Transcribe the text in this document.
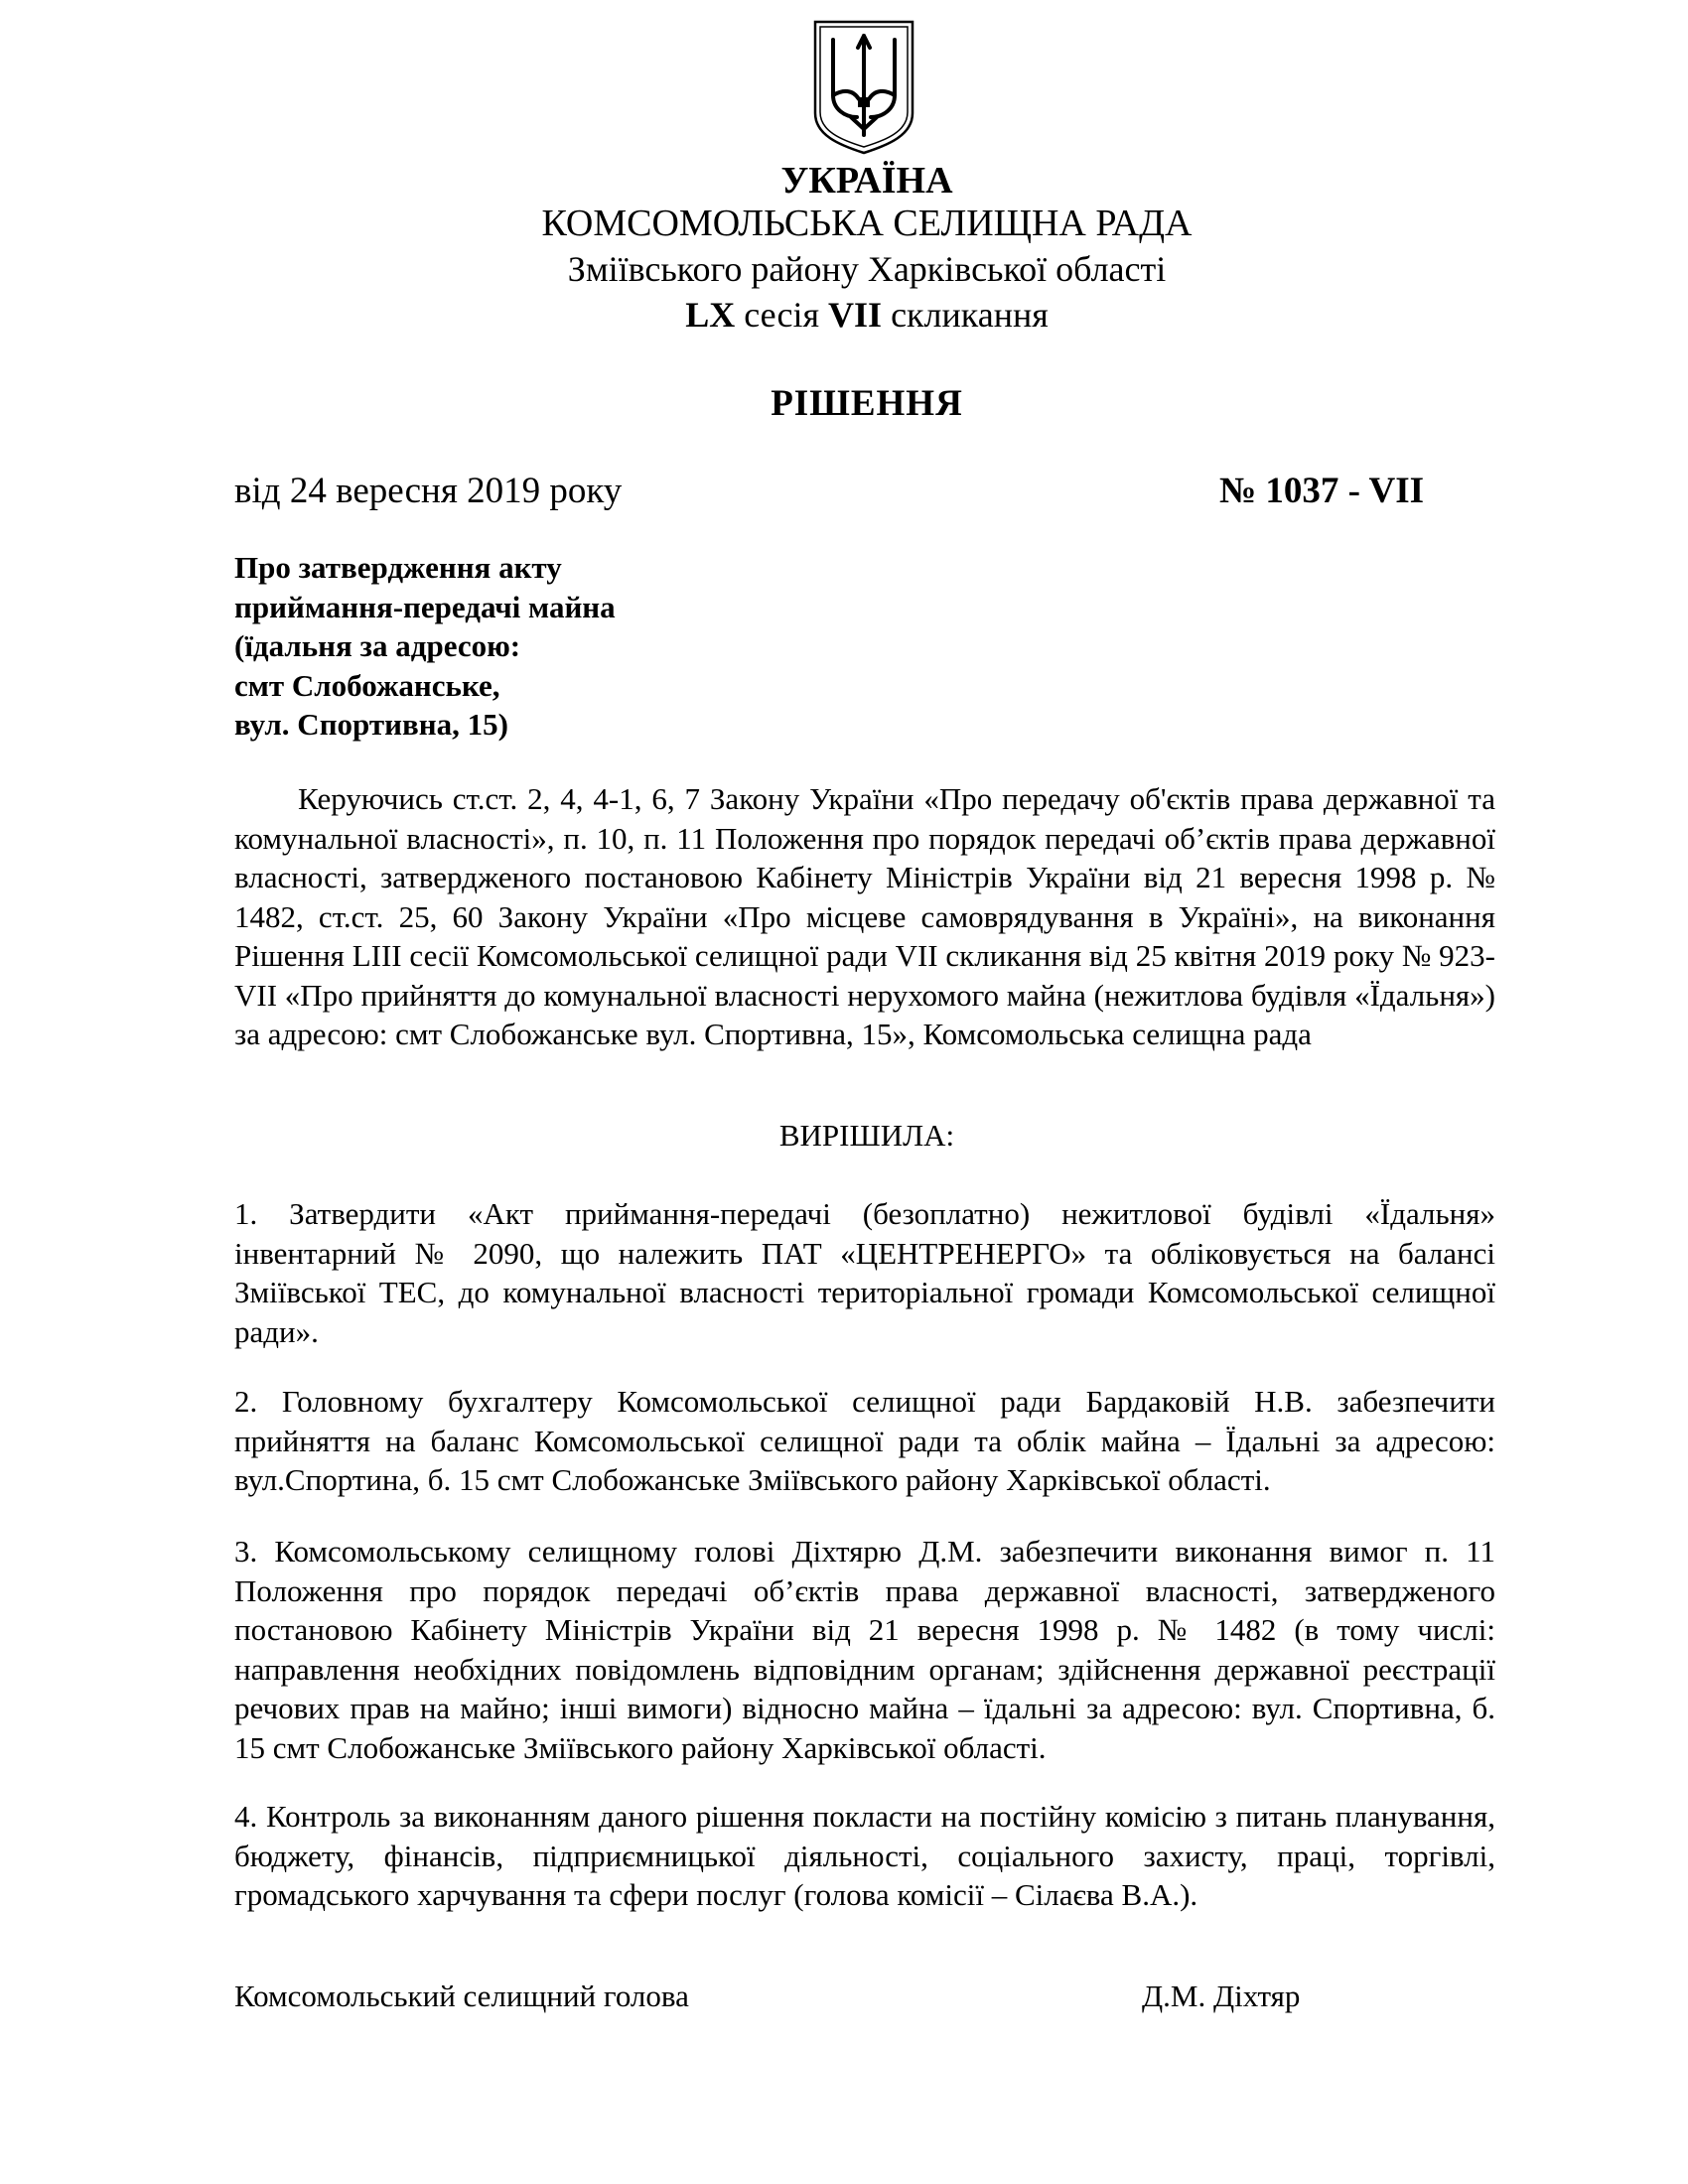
УКРАЇНА
КОМСОМОЛЬСЬКА СЕЛИЩНА РАДА
Зміївського району Харківської області
LX сесія VII скликання
РІШЕННЯ
від 24 вересня 2019 року	№ 1037 - VII
Про затвердження акту
приймання-передачі майна
(їдальня за адресою:
смт Слобожанське,
вул. Спортивна, 15)
Керуючись ст.ст. 2, 4, 4-1, 6, 7 Закону України «Про передачу об'єктів права державної та комунальної власності», п. 10, п. 11 Положення про порядок передачі об’єктів права державної власності, затвердженого постановою Кабінету Міністрів України від 21 вересня 1998 р. № 1482, ст.ст. 25, 60 Закону України «Про місцеве самоврядування в Україні», на виконання Рішення LIII сесії Комсомольської селищної ради VII скликання від 25 квітня 2019 року № 923-VII «Про прийняття до комунальної власності нерухомого майна (нежитлова будівля «Їдальня») за адресою: смт Слобожанське вул. Спортивна, 15», Комсомольська селищна рада
ВИРІШИЛА:
1. Затвердити «Акт приймання-передачі (безоплатно) нежитлової будівлі «Їдальня» інвентарний № 2090, що належить ПАТ «ЦЕНТРЕНЕРГО» та обліковується на балансі Зміївської ТЕС, до комунальної власності територіальної громади Комсомольської селищної ради».
2. Головному бухгалтеру Комсомольської селищної ради Бардаковій Н.В. забезпечити прийняття на баланс Комсомольської селищної ради та облік майна – Їдальні за адресою: вул.Спортина, б. 15 смт Слобожанське Зміївського району Харківської області.
3. Комсомольському селищному голові Діхтярю Д.М. забезпечити виконання вимог п. 11 Положення про порядок передачі об’єктів права державної власності, затвердженого постановою Кабінету Міністрів України від 21 вересня 1998 р. № 1482 (в тому числі: направлення необхідних повідомлень відповідним органам; здійснення державної реєстрації речових прав на майно; інші вимоги) відносно майна – їдальні за адресою: вул. Спортивна, б. 15 смт Слобожанське Зміївського району Харківської області.
4. Контроль за виконанням даного рішення покласти на постійну комісію з питань планування, бюджету, фінансів, підприємницької діяльності, соціального захисту, праці, торгівлі, громадського харчування та сфери послуг (голова комісії – Сілаєва В.А.).
Комсомольський селищний голова	Д.М. Діхтяр
